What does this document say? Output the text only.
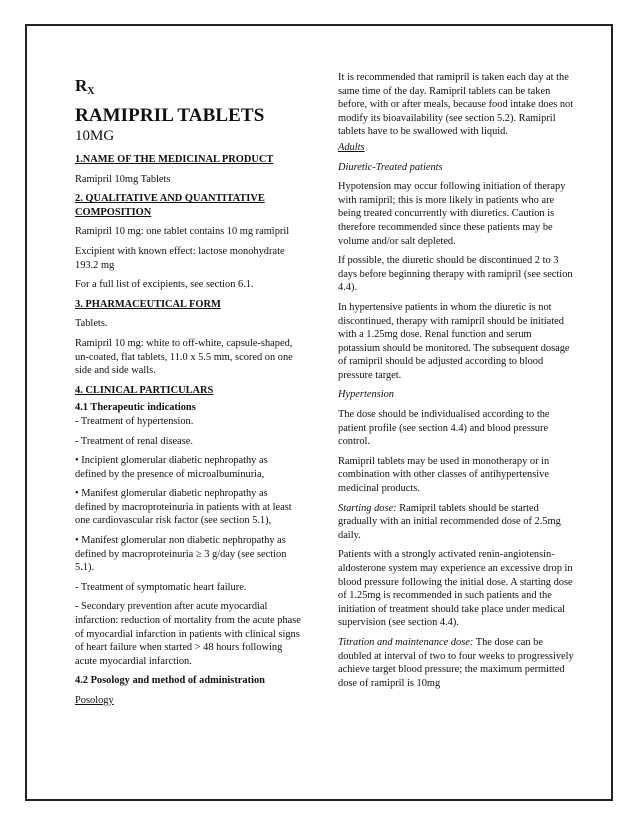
$R_X$
RAMIPRIL TABLETS
10MG

1.NAME OF THE MEDICINAL PRODUCT

Ramipril 10mg Tablets

2. QUALITATIVE AND QUANTITATIVE COMPOSITION

Ramipril 10 mg: one tablet contains 10 mg ramipril

Excipient with known effect: lactose monohydrate 193.2 mg

For a full list of excipients, see section 6.1.

3. PHARMACEUTICAL FORM

Tablets.

Ramipril 10 mg: white to off-white, capsule-shaped, un-coated, flat tablets, 11.0 x 5.5 mm, scored on one side and side walls.

4. CLINICAL PARTICULARS

4.1 Therapeutic indications

- Treatment of hypertension.

- Treatment of renal disease.

• Incipient glomerular diabetic nephropathy as defined by the presence of microalbuminuria,

• Manifest glomerular diabetic nephropathy as defined by macroproteinuria in patients with at least one cardiovascular risk factor (see section 5.1),

• Manifest glomerular non diabetic nephropathy as defined by macroproteinuria ≥ 3 g/day (see section 5.1).

- Treatment of symptomatic heart failure.

- Secondary prevention after acute myocardial infarction: reduction of mortality from the acute phase of myocardial infarction in patients with clinical signs of heart failure when started > 48 hours following acute myocardial infarction.

4.2 Posology and method of administration

Posology

It is recommended that ramipril is taken each day at the same time of the day. Ramipril tablets can be taken before, with or after meals, because food intake does not modify its bioavailability (see section 5.2). Ramipril tablets have to be swallowed with liquid.

Adults

Diuretic-Treated patients

Hypotension may occur following initiation of therapy with ramipril; this is more likely in patients who are being treated concurrently with diuretics. Caution is therefore recommended since these patients may be volume and/or salt depleted.

If possible, the diuretic should be discontinued 2 to 3 days before beginning therapy with ramipril (see section 4.4).

In hypertensive patients in whom the diuretic is not discontinued, therapy with ramipril should be initiated with a 1.25mg dose. Renal function and serum potassium should be monitored. The subsequent dosage of ramipril should be adjusted according to blood pressure target.

Hypertension

The dose should be individualised according to the patient profile (see section 4.4) and blood pressure control.

Ramipril tablets may be used in monotherapy or in combination with other classes of antihypertensive medicinal products.

Starting dose: Ramipril tablets should be started gradually with an initial recommended dose of 2.5mg daily.

Patients with a strongly activated renin-angiotensin-aldosterone system may experience an excessive drop in blood pressure following the initial dose. A starting dose of 1.25mg is recommended in such patients and the initiation of treatment should take place under medical supervision (see section 4.4).

Titration and maintenance dose: The dose can be doubled at interval of two to four weeks to progressively achieve target blood pressure; the maximum permitted dose of ramipril is 10mg
